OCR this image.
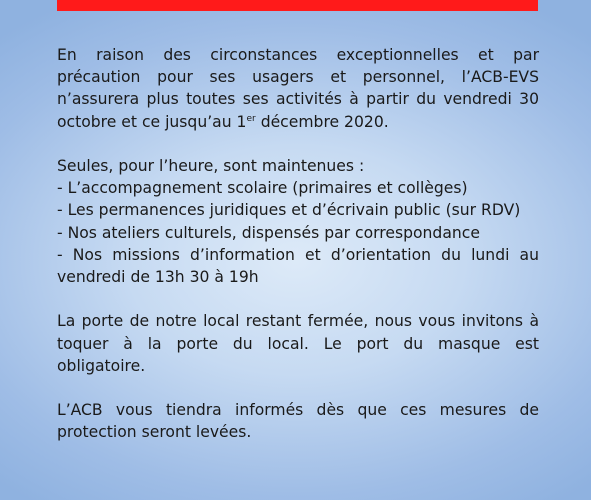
En raison des circonstances exceptionnelles et par

précaution pour ses usagers et personnel, l’ACB-EVS

n’assurera plus toutes ses activités à partir du vendredi 30

octobre et ce jusqu’au 1er décembre 2020.

Seules, pour l’heure, sont maintenues :

- L’accompagnement scolaire (primaires et collèges)

- Les permanences juridiques et d’écrivain public (sur RDV)

- Nos ateliers culturels, dispensés par correspondance

- Nos missions d’information et d’orientation du lundi au

vendredi de 13h 30 à 19h

La porte de notre local restant fermée, nous vous invitons à

toquer à la porte du local. Le port du masque est

obligatoire.

L’ACB vous tiendra informés dès que ces mesures de

protection seront levées.
